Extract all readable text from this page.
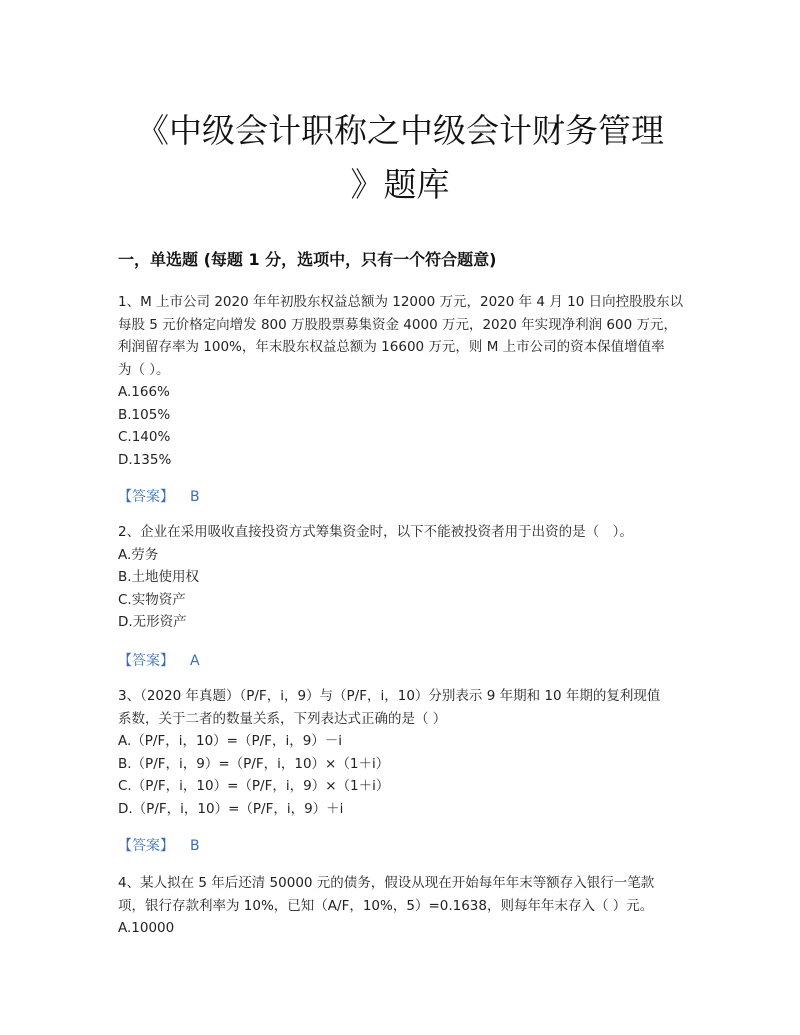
《中级会计职称之中级会计财务管理
》题库
一，单选题 (每题 1 分，选项中，只有一个符合题意)

1、M 上市公司 2020 年年初股东权益总额为 12000 万元，2020 年 4 月 10 日向控股股东以

每股 5 元价格定向增发 800 万股股票募集资金 4000 万元，2020 年实现净利润 600 万元，

利润留存率为 100%，年末股东权益总额为 16600 万元，则 M 上市公司的资本保值增值率

为（ ）。

A.166%

B.105%

C.140%

D.135%

【答案】 B

2、企业在采用吸收直接投资方式筹集资金时，以下不能被投资者用于出资的是（　）。

A.劳务

B.土地使用权

C.实物资产

D.无形资产

【答案】 A

3、（2020 年真题）（P/F，i，9）与（P/F，i，10）分别表示 9 年期和 10 年期的复利现值

系数，关于二者的数量关系，下列表达式正确的是（ ）

A.（P/F，i，10）=（P/F，i，9）－i

B.（P/F，i，9）=（P/F，i，10）×（1＋i）

C.（P/F，i，10）=（P/F，i，9）×（1＋i）

D.（P/F，i，10）=（P/F，i，9）＋i

【答案】 B

4、某人拟在 5 年后还清 50000 元的债务，假设从现在开始每年年末等额存入银行一笔款

项，银行存款利率为 10%，已知（A/F，10%，5）=0.1638，则每年年末存入（ ）元。

A.10000
